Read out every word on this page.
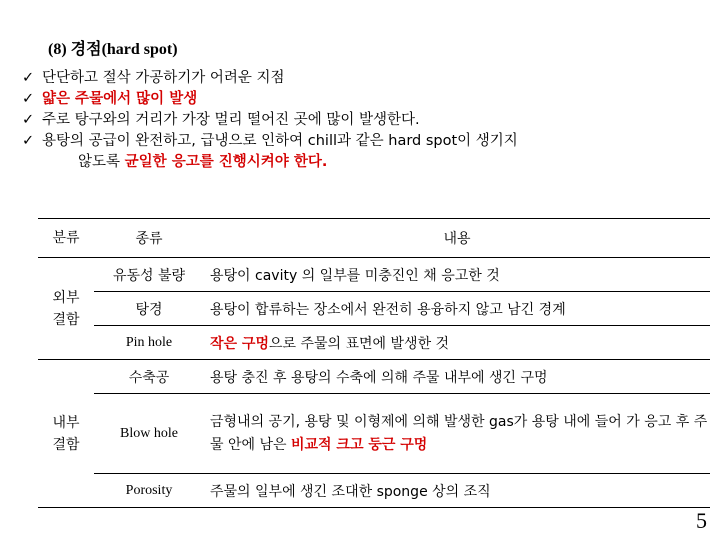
(8) 경점(hard spot)
✓ 단단하고 절삭 가공하기가 어려운 지점
✓ 얇은 주물에서 많이 발생
✓ 주로 탕구와의 거리가 가장 멀리 떨어진 곳에 많이 발생한다.
✓ 용탕의 공급이 완전하고, 급냉으로 인하여 chill과 같은 hard spot이 생기지
않도록 균일한 응고를 진행시켜야 한다.
분류	종류	내용
외부
결함	유동성 불량	용탕이 cavity 의 일부를 미충진인 채 응고한 것
	탕경	용탕이 합류하는 장소에서 완전히 용융하지 않고 남긴 경계
	Pin hole	작은 구멍으로 주물의 표면에 발생한 것
내부
결함	수축공	용탕 충진 후 용탕의 수축에 의해 주물 내부에 생긴 구멍
	Blow hole	금형내의 공기, 용탕 및 이형제에 의해 발생한 gas가 용탕 내에 들어 가 응고 후 주물 안에 남은 비교적 크고 둥근 구멍
	Porosity	주물의 일부에 생긴 조대한 sponge 상의 조직
5
